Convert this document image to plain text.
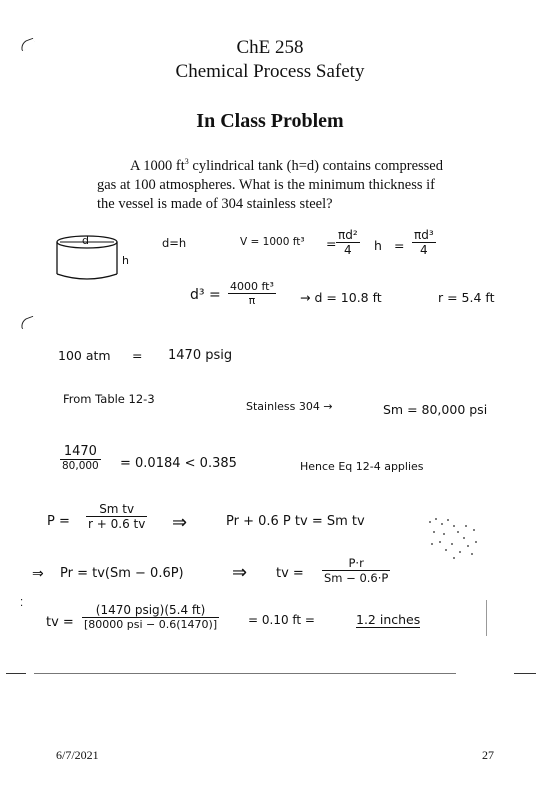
ChE 258
Chemical Process Safety
In Class Problem
A 1000 $ft^3$ cylindrical tank (h=d) contains compressed
gas at 100 atmospheres. What is the minimum thickness if
the vessel is made of 304 stainless steel?
d
h
d=h	V = 1000 $ft^3 = \frac{\text{πd²}}{4}$ $h = \frac{\text{πd³}}{4}$
$d^3 = \frac{\text{4000 ft³}}{\pi} \to d = 10.8$ ft	r = 5.4 ft
100 atm = 1470 psig
From Table 12-3
Stainless 304 →	Sm = 80,000 psi
1470
80,000 = 0.0184 < 0.385	Hence Eq 12-4 applies
$P = \frac{\text{Sm tv}}{r + 0.6 tv}$ ⇒	Pr + 0.6 P tv = Sm tv
⇒ Pr = tv(Sm − 0.6P)	⇒ tv = $\frac{P\cdot r}{Sm - 0.6\cdot P}$
⁚
tv =
(1470 psig)(5.4 ft)
[80000 psi − 0.6(1470)]	= 0.10 ft =	1.2 inches
6/7/2021	27
